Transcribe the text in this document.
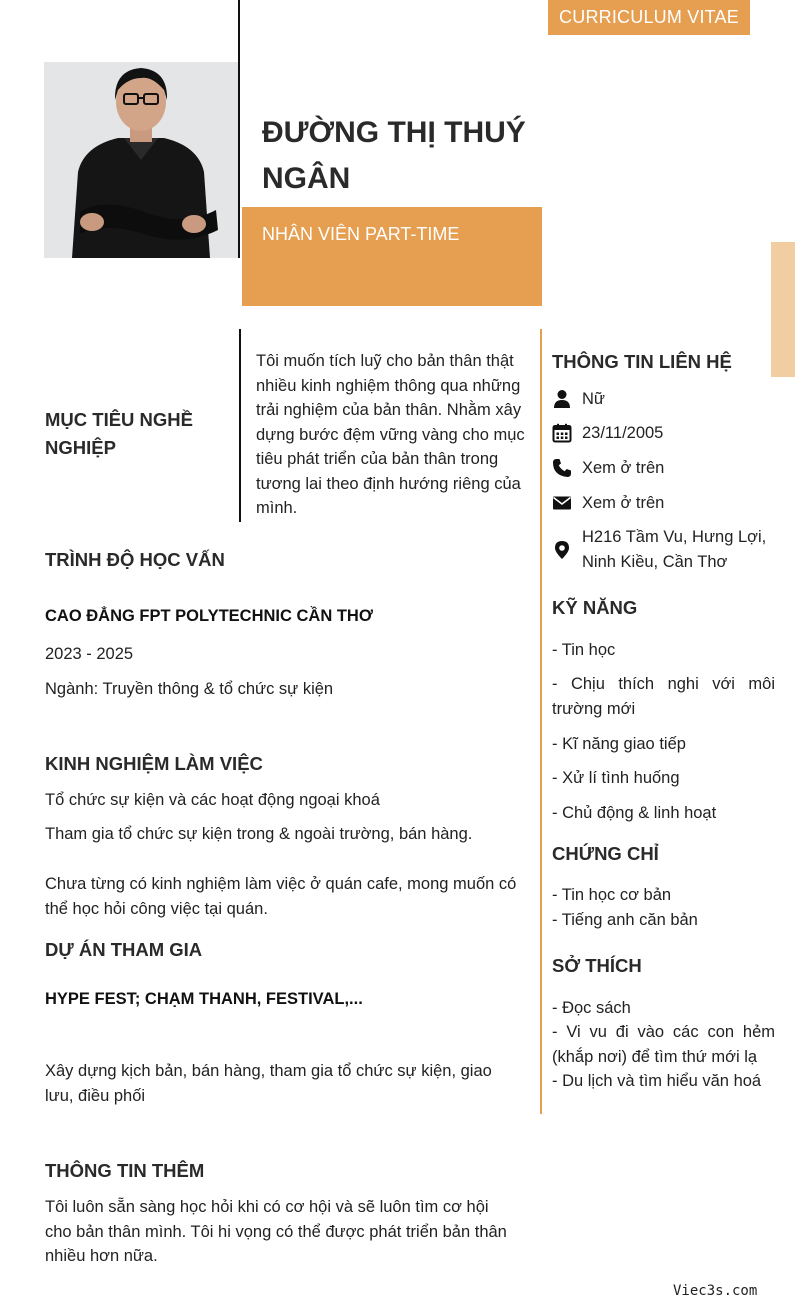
CURRICULUM VITAE
ĐƯỜNG THỊ THUÝ NGÂN
NHÂN VIÊN PART-TIME
MỤC TIÊU NGHỀ NGHIỆP
Tôi muốn tích luỹ cho bản thân thật nhiều kinh nghiệm thông qua những trải nghiệm của bản thân. Nhằm xây dựng bước đệm vững vàng cho mục tiêu phát triển của bản thân trong tương lai theo định hướng riêng của mình.
TRÌNH ĐỘ HỌC VẤN
CAO ĐẲNG FPT POLYTECHNIC CẦN THƠ
2023 - 2025
Ngành: Truyền thông & tổ chức sự kiện
KINH NGHIỆM LÀM VIỆC
Tổ chức sự kiện và các hoạt động ngoại khoá
Tham gia tổ chức sự kiện trong & ngoài trường, bán hàng.
Chưa từng có kinh nghiệm làm việc ở quán cafe, mong muốn có thể học hỏi công việc tại quán.
DỰ ÁN THAM GIA
HYPE FEST; CHẠM THANH, FESTIVAL,...
Xây dựng kịch bản, bán hàng, tham gia tổ chức sự kiện, giao lưu, điều phối
THÔNG TIN THÊM
Tôi luôn sẵn sàng học hỏi khi có cơ hội và sẽ luôn tìm cơ hội cho bản thân mình. Tôi hi vọng có thể được phát triển bản thân nhiều hơn nữa.
THÔNG TIN LIÊN HỆ
Nữ
23/11/2005
Xem ở trên
Xem ở trên
H216 Tầm Vu, Hưng Lợi, Ninh Kiều, Cần Thơ
KỸ NĂNG
- Tin học
- Chịu thích nghi với môi trường mới
- Kĩ năng giao tiếp
- Xử lí tình huống
- Chủ động & linh hoạt
CHỨNG CHỈ
- Tin học cơ bản
- Tiếng anh căn bản
SỞ THÍCH
- Đọc sách
- Vi vu đi vào các con hẻm (khắp nơi) để tìm thứ mới lạ
- Du lịch và tìm hiểu văn hoá
Viec3s.com
